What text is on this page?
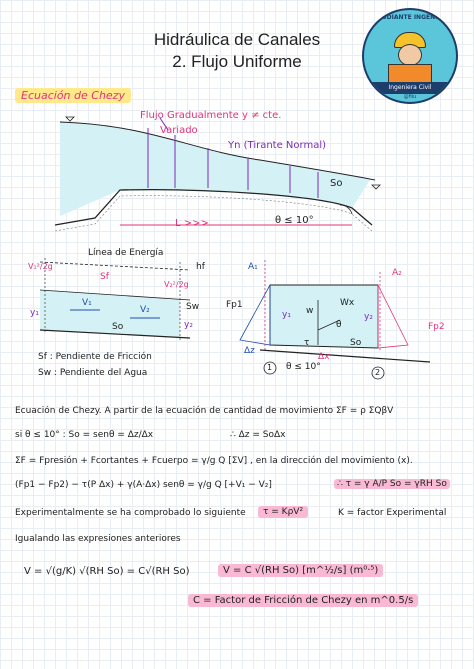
Hidráulica de Canales
2. Flujo Uniforme
ESTUDIANTE INGENIERA
Ingeniera Civil
@fiiu
Ecuación de Chezy
Flujo Gradualmente y ≠ cte.
Variado
Yn (Tirante Normal)
So
L >>>	θ ≤ 10°
Línea de Energía
hf
V₁²/2g
V₂²/2g
Sf
Sw
V₁
V₂
y₁
y₂
So
Sf : Pendiente de Fricción
Sw : Pendiente del Agua
A₁
A₂
Fp1
Fp2
Wx
w
y₁	y₂
τ	So
Δz
Δx
θ ≤ 10°
θ
1
2
Ecuación de Chezy. A partir de la ecuación de cantidad de movimiento ΣF = ρ ΣQβV
si θ ≤ 10° : So = senθ = Δz/Δx	∴ Δz = SoΔx
ΣF = Fpresión + Fcortantes + Fcuerpo = γ/g Q [ΣV] , en la dirección del movimiento (x).
(Fp1 − Fp2) − τ(P Δx) + γ(A·Δx) senθ = γ/g Q [+V₁ − V₂]	∴ τ = γ A/P So = γRH So
Experimentalmente se ha comprobado lo siguiente	τ = KρV²	K = factor Experimental
Igualando las expresiones anteriores
V = √(g/K) √(RH So) = C√(RH So)	V = C √(RH So) [m^½/s] (m⁰·⁵)
C = Factor de Fricción de Chezy en m^0.5/s
